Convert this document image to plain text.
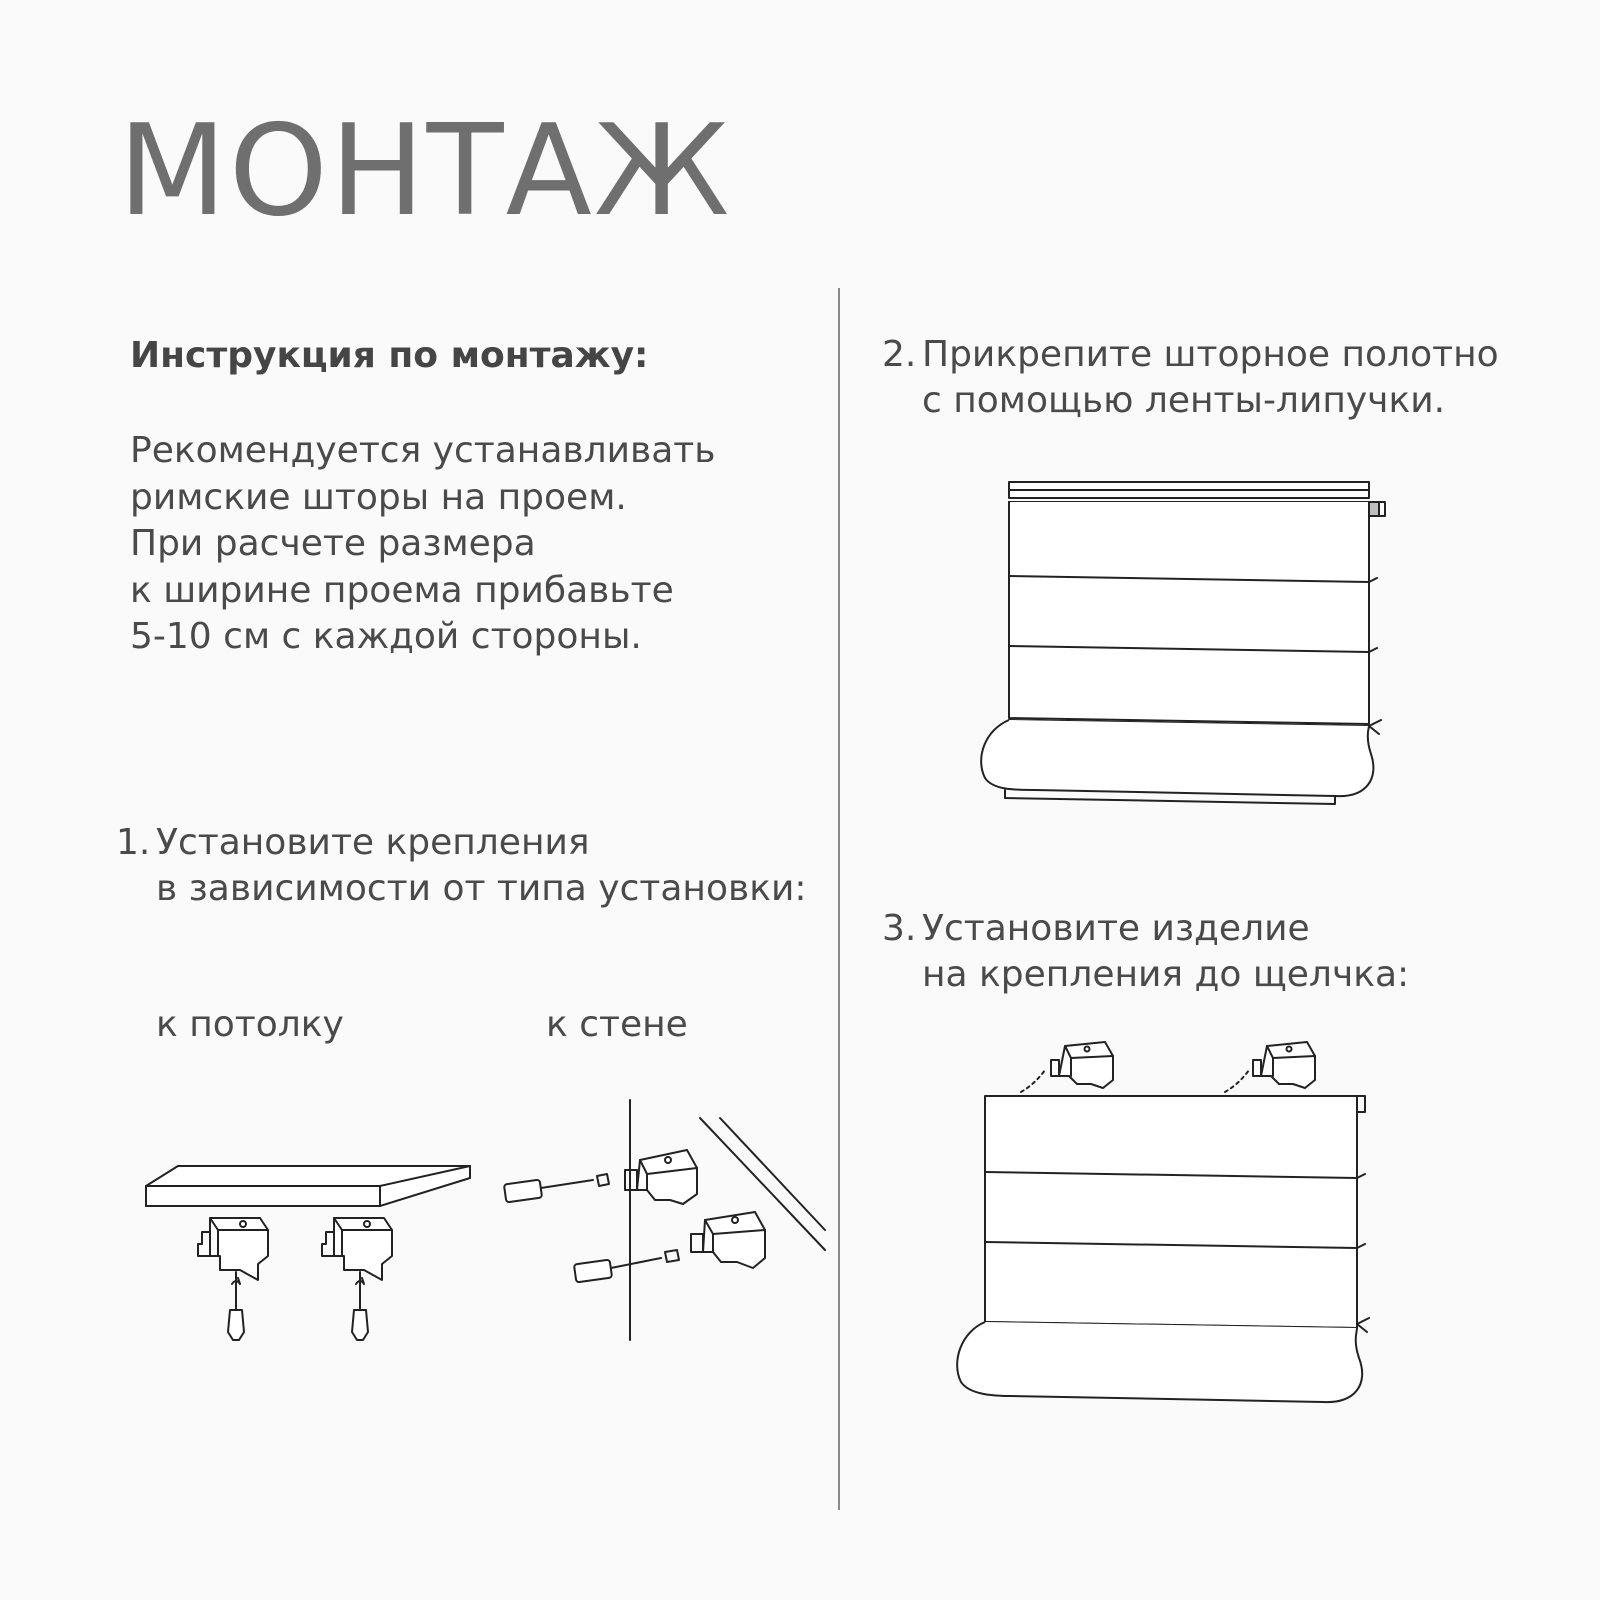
МОНТАЖ
Инструкция по монтажу:
Рекомендуется устанавливать
римские шторы на проем.
При расчете размера
к ширине проема прибавьте
5-10 см с каждой стороны.
1. Установите крепления
в зависимости от типа установки:
к потолку	к стене
2. Прикрепите шторное полотно
с помощью ленты-липучки.
3. Установите изделие
на крепления до щелчка:
